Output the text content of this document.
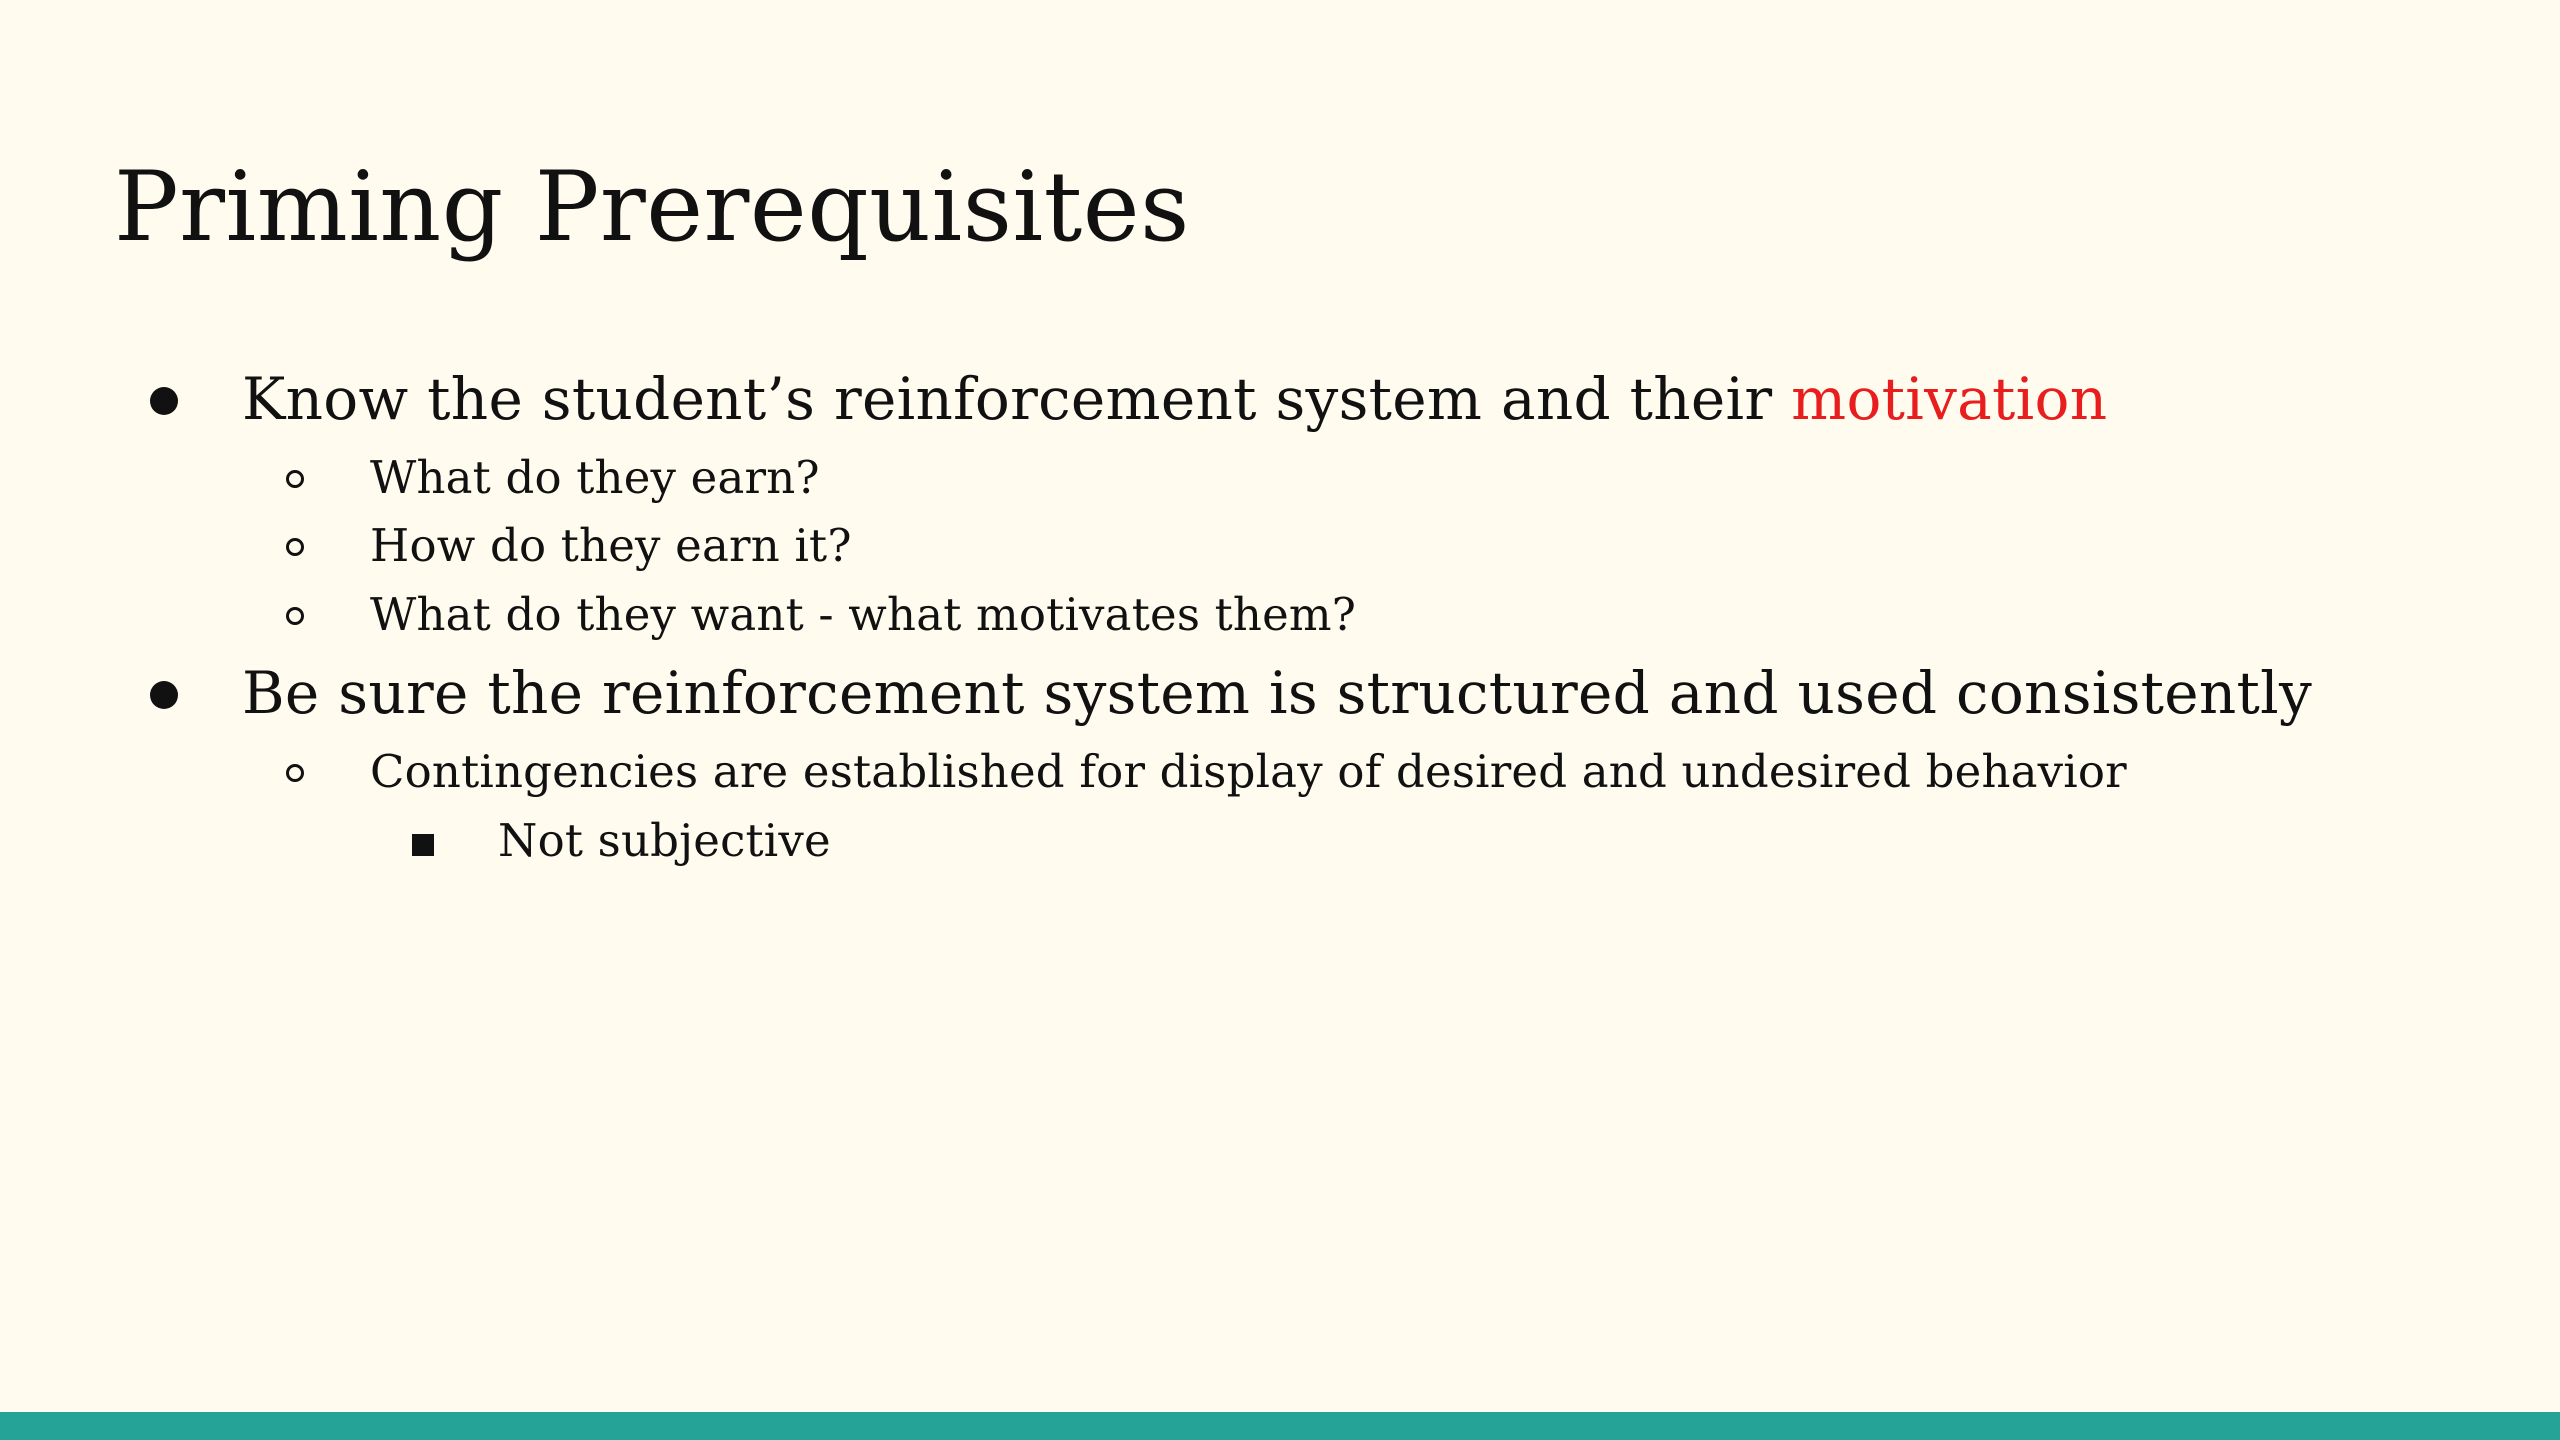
Priming Prerequisites

Know the student’s reinforcement system and their motivation

What do they earn?

How do they earn it?

What do they want - what motivates them?

Be sure the reinforcement system is structured and used consistently

Contingencies are established for display of desired and undesired behavior

Not subjective
